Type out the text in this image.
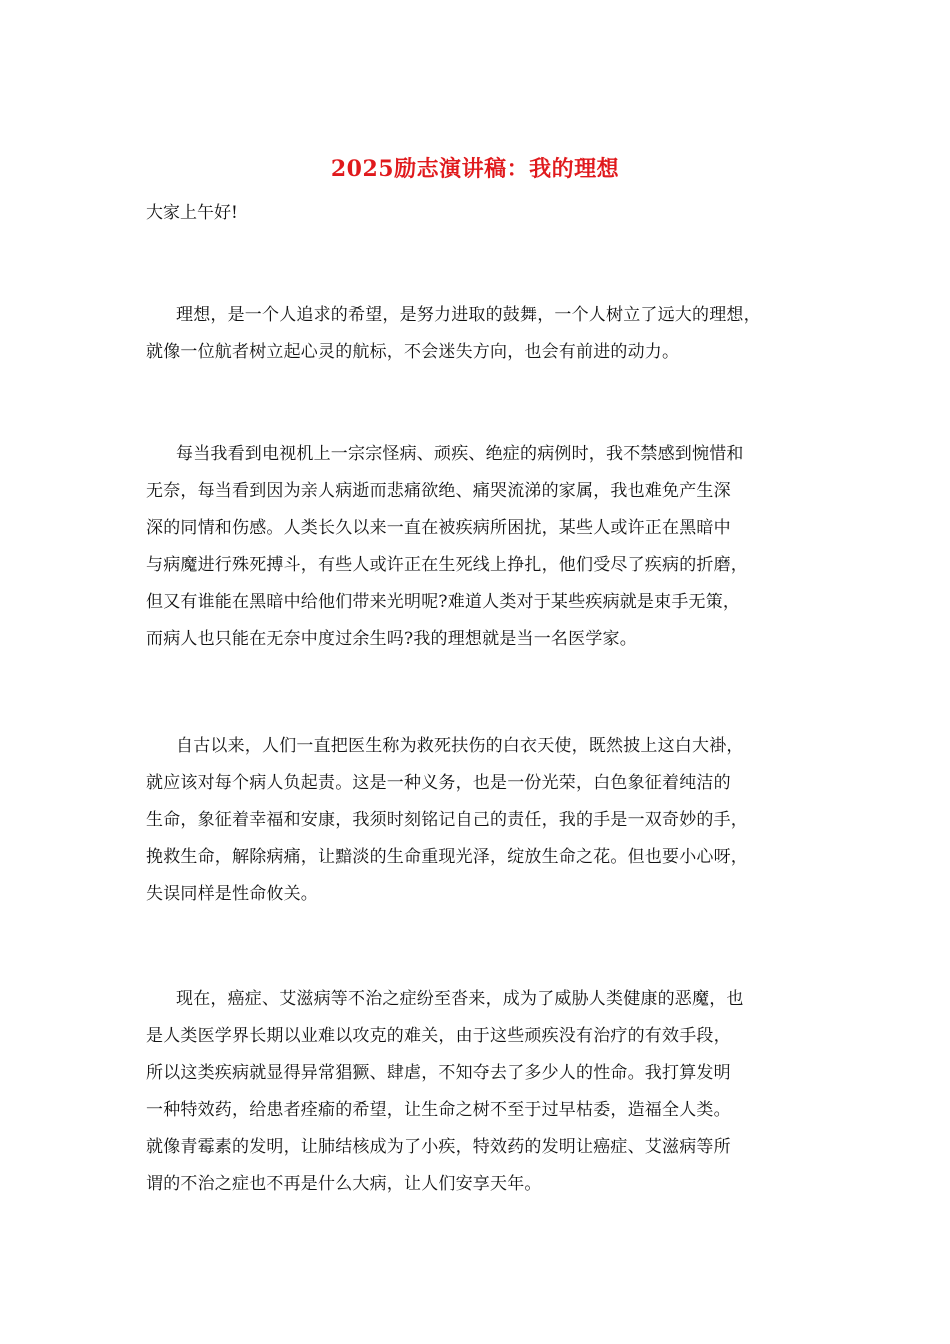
2025励志演讲稿：我的理想
大家上午好!
理想，是一个人追求的希望，是努力进取的鼓舞，一个人树立了远大的理想，
就像一位航者树立起心灵的航标，不会迷失方向，也会有前进的动力。
每当我看到电视机上一宗宗怪病、顽疾、绝症的病例时，我不禁感到惋惜和
无奈，每当看到因为亲人病逝而悲痛欲绝、痛哭流涕的家属，我也难免产生深
深的同情和伤感。人类长久以来一直在被疾病所困扰，某些人或许正在黑暗中
与病魔进行殊死搏斗，有些人或许正在生死线上挣扎，他们受尽了疾病的折磨，
但又有谁能在黑暗中给他们带来光明呢?难道人类对于某些疾病就是束手无策，
而病人也只能在无奈中度过余生吗?我的理想就是当一名医学家。
自古以来，人们一直把医生称为救死扶伤的白衣天使，既然披上这白大褂，
就应该对每个病人负起责。这是一种义务，也是一份光荣，白色象征着纯洁的
生命，象征着幸福和安康，我须时刻铭记自己的责任，我的手是一双奇妙的手，
挽救生命，解除病痛，让黯淡的生命重现光泽，绽放生命之花。但也要小心呀，
失误同样是性命攸关。
现在，癌症、艾滋病等不治之症纷至沓来，成为了威胁人类健康的恶魔，也
是人类医学界长期以业难以攻克的难关，由于这些顽疾没有治疗的有效手段，
所以这类疾病就显得异常猖獗、肆虐，不知夺去了多少人的性命。我打算发明
一种特效药，给患者痊瘉的希望，让生命之树不至于过早枯委，造福全人类。
就像青霉素的发明，让肺结核成为了小疾，特效药的发明让癌症、艾滋病等所
谓的不治之症也不再是什么大病，让人们安享天年。
